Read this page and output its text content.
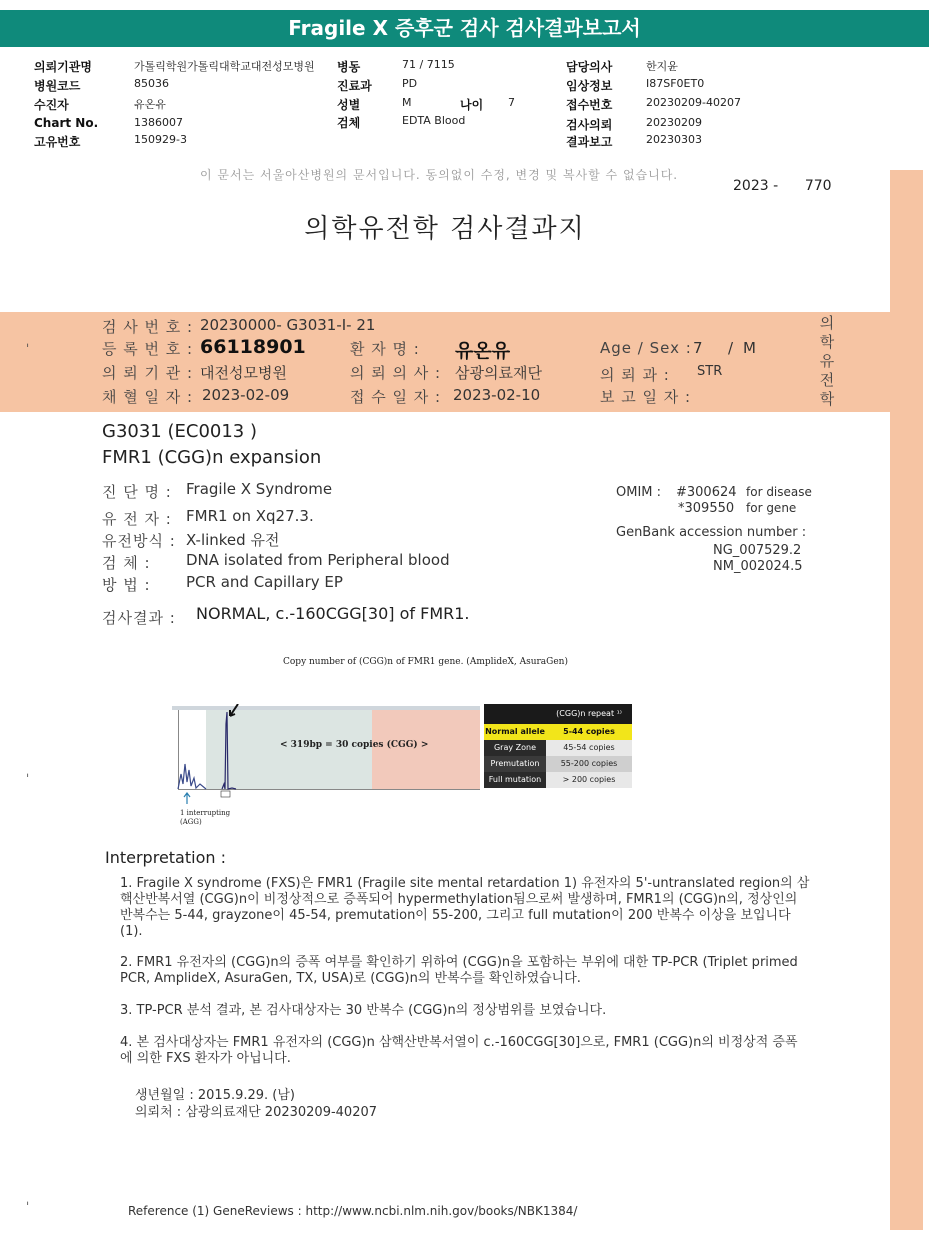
Fragile X 증후군 검사 검사결과보고서
의뢰기관명	가톨릭학원가톨릭대학교대전성모병원 병동	71 / 7115	담당의사	한지윤
병원코드	85036	진료과	PD	임상정보	I87SF0ET0
수진자	유온유	성별	M	나이 7	접수번호	20230209-40207
Chart No.	1386007	검체	EDTA Blood	검사의뢰	20230209
고유번호	150929-3	결과보고	20230303
이 문서는 서울아산병원의 문서입니다. 동의없이 수정, 변경 및 복사할 수 없습니다.
2023 - 770
의학유전학 검사결과지
검 사 번 호 : 20230000- G3031-I- 21
등 록 번 호 : 66118901	환 자 명 : 유온유	Age / Sex : 7 / M
의 뢰 기 관 : 대전성모병원	의 뢰 의 사 : 삼광의료재단	의 뢰 과 : STR
채 혈 일 자 : 2023-02-09	접 수 일 자 : 2023-02-10	보 고 일 자 :
의
학
유
전
학
ˈ
G3031 (EC0013 )
FMR1 (CGG)n expansion
진 단 명 : Fragile X Syndrome
유 전 자 : FMR1 on Xq27.3.
유전방식 : X-linked 유전
검 체 : DNA isolated from Peripheral blood
방 법 : PCR and Capillary EP
검사결과 : NORMAL, c.-160CGG[30] of FMR1.
OMIM : #300624 for disease
*309550 for gene
GenBank accession number :
NG_007529.2
NM_002024.5
Copy number of (CGG)n of FMR1 gene. (AmplideX, AsuraGen)
< 319bp = 30 copies (CGG) >
1 interrupting
(AGG)
(CGG)n repeat ¹⁾
Normal allele	5-44 copies
Gray Zone	45-54 copies
Premutation	55-200 copies
Full mutation	> 200 copies
ˈ
Interpretation :
1. Fragile X syndrome (FXS)은 FMR1 (Fragile site mental retardation 1) 유전자의 5'-untranslated region의 삼핵산반복서열 (CGG)n이 비정상적으로 증폭되어 hypermethylation됨으로써 발생하며, FMR1의 (CGG)n의, 정상인의 반복수는 5-44, grayzone이 45-54, premutation이 55-200, 그리고 full mutation이 200 반복수 이상을 보입니다 (1).
2. FMR1 유전자의 (CGG)n의 증폭 여부를 확인하기 위하여 (CGG)n을 포함하는 부위에 대한 TP-PCR (Triplet primed PCR, AmplideX, AsuraGen, TX, USA)로 (CGG)n의 반복수를 확인하였습니다.
3. TP-PCR 분석 결과, 본 검사대상자는 30 반복수 (CGG)n의 정상범위를 보였습니다.
4. 본 검사대상자는 FMR1 유전자의 (CGG)n 삼핵산반복서열이 c.-160CGG[30]으로, FMR1 (CGG)n의 비정상적 증폭에 의한 FXS 환자가 아닙니다.
생년월일 : 2015.9.29. (남)
의뢰처 : 삼광의료재단 20230209-40207
ˈ	Reference (1) GeneReviews : http://www.ncbi.nlm.nih.gov/books/NBK1384/
